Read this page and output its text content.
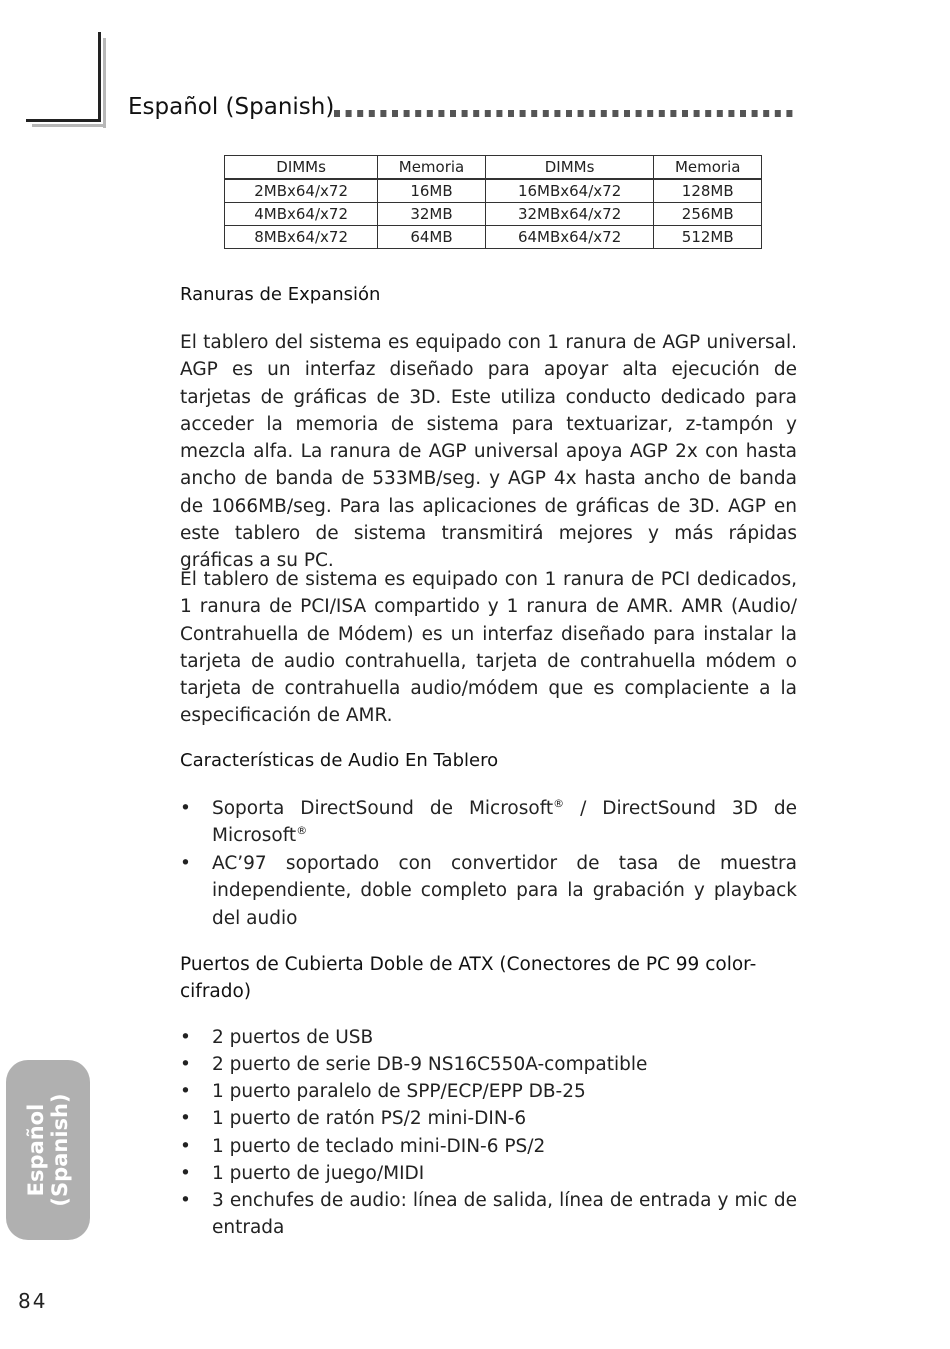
Español (Spanish)
DIMMs	Memoria	DIMMs	Memoria
2MBx64/x72	16MB	16MBx64/x72	128MB
4MBx64/x72	32MB	32MBx64/x72	256MB
8MBx64/x72	64MB	64MBx64/x72	512MB
Ranuras de Expansión

El tablero del sistema es equipado con 1 ranura de AGP universal. AGP es un interfaz diseñado para apoyar alta ejecución de tarjetas de gráficas de 3D. Este utiliza conducto dedicado para acceder la memoria de sistema para textuarizar, z-tampón y mezcla alfa. La ranura de AGP universal apoya AGP 2x con hasta ancho de banda de 533MB/seg. y AGP 4x hasta ancho de banda de 1066MB/seg. Para las aplicaciones de gráficas de 3D. AGP en este tablero de sistema transmitirá mejores y más rápidas gráficas a su PC.

El tablero de sistema es equipado con 1 ranura de PCI dedicados, 1 ranura de PCI/ISA compartido y 1 ranura de AMR. AMR (Audio/ Contrahuella de Módem) es un interfaz diseñado para instalar la tarjeta de audio contrahuella, tarjeta de contrahuella módem o tarjeta de contrahuella audio/módem que es complaciente a la especificación de AMR.

Características de Audio En Tablero
•	Soporta DirectSound de Microsoft® / DirectSound 3D de Microsoft®
•	AC’97 soportado con convertidor de tasa de muestra independiente, doble completo para la grabación y playback del audio
Puertos de Cubierta Doble de ATX (Conectores de PC 99 color-cifrado)
•	2 puertos de USB
•	2 puerto de serie DB-9 NS16C550A-compatible
•	1 puerto paralelo de SPP/ECP/EPP DB-25
•	1 puerto de ratón PS/2 mini-DIN-6
•	1 puerto de teclado mini-DIN-6 PS/2
•	1 puerto de juego/MIDI
•	3 enchufes de audio: línea de salida, línea de entrada y mic de entrada
Español (Spanish)
84
